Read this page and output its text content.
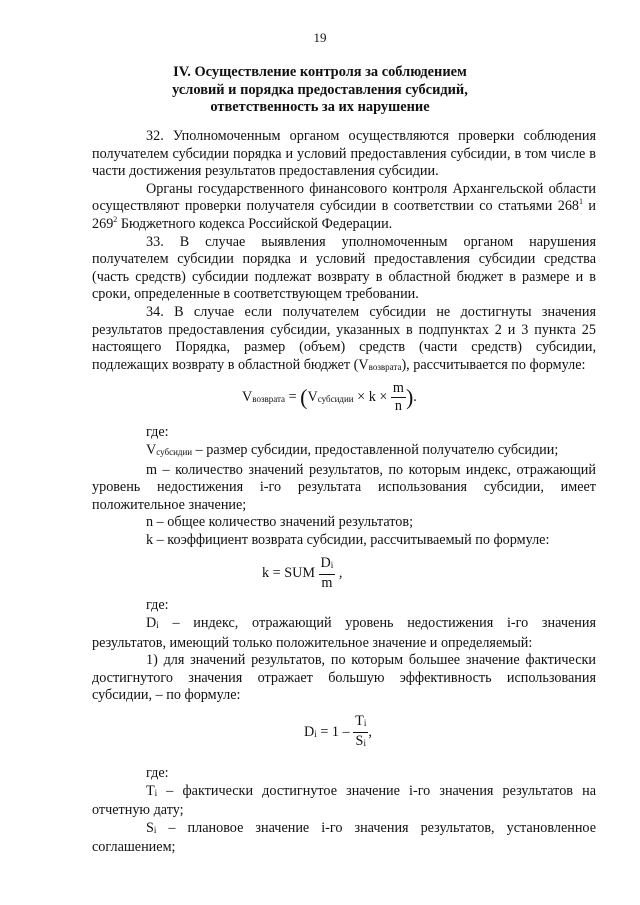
19
IV. Осуществление контроля за соблюдением
условий и порядка предоставления субсидий,
ответственность за их нарушение

32. Уполномоченным органом осуществляются проверки соблюдения получателем субсидии порядка и условий предоставления субсидии, в том числе в части достижения результатов предоставления субсидии.

Органы государственного финансового контроля Архангельской области осуществляют проверки получателя субсидии в соответствии со статьями $268^1$ и $269^2$ Бюджетного кодекса Российской Федерации.

33. В случае выявления уполномоченным органом нарушения получателем субсидии порядка и условий предоставления субсидии средства (часть средств) субсидии подлежат возврату в областной бюджет в размере и в сроки, определенные в соответствующем требовании.

34. В случае если получателем субсидии не достигнуты значения результатов предоставления субсидии, указанных в подпунктах 2 и 3 пункта 25 настоящего Порядка, размер (объем) средств (части средств) субсидии, подлежащих возврату в областной бюджет (Vвозврата), рассчитывается по формуле:

Vвозврата = (Vсубсидии × $k \times \frac{m}{n}$ ).

где:

Vсубсидии – размер субсидии, предоставленной получателю субсидии;

m – количество значений результатов, по которым индекс, отражающий уровень недостижения i-го результата использования субсидии, имеет положительное значение;

n – общее количество значений результатов;

k – коэффициент возврата субсидии, рассчитываемый по формуле:

k = SUM $\frac{Di}{m}$ ,

где:

Di – индекс, отражающий уровень недостижения i-го значения результатов, имеющий только положительное значение и определяемый:

1) для значений результатов, по которым большее значение фактически достигнутого значения отражает большую эффективность использования субсидии, – по формуле:

$Di = 1 - \frac{Ti}{Si}$ ,

где:

Ti – фактически достигнутое значение i-го значения результатов на отчетную дату;

Si – плановое значение i-го значения результатов, установленное соглашением;
